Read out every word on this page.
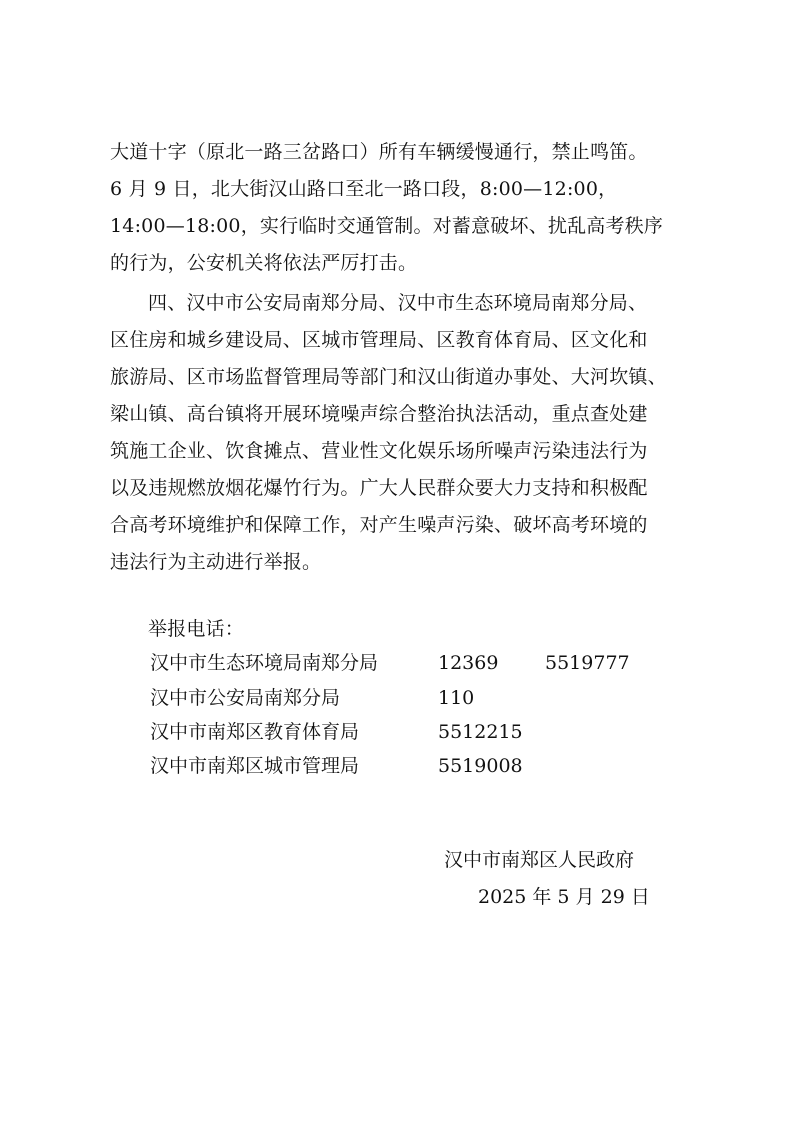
大道十字（原北一路三岔路口）所有车辆缓慢通行，禁止鸣笛。
6 月 9 日，北大街汉山路口至北一路口段，8:00—12:00，
14:00—18:00，实行临时交通管制。对蓄意破坏、扰乱高考秩序
的行为，公安机关将依法严厉打击。
四、汉中市公安局南郑分局、汉中市生态环境局南郑分局、
区住房和城乡建设局、区城市管理局、区教育体育局、区文化和
旅游局、区市场监督管理局等部门和汉山街道办事处、大河坎镇、
梁山镇、高台镇将开展环境噪声综合整治执法活动，重点查处建
筑施工企业、饮食摊点、营业性文化娱乐场所噪声污染违法行为
以及违规燃放烟花爆竹行为。广大人民群众要大力支持和积极配
合高考环境维护和保障工作，对产生噪声污染、破坏高考环境的
违法行为主动进行举报。
举报电话：
汉中市生态环境局南郑分局	12369 5519777
汉中市公安局南郑分局	110
汉中市南郑区教育体育局	5512215
汉中市南郑区城市管理局	5519008
汉中市南郑区人民政府
2025 年 5 月 29 日
